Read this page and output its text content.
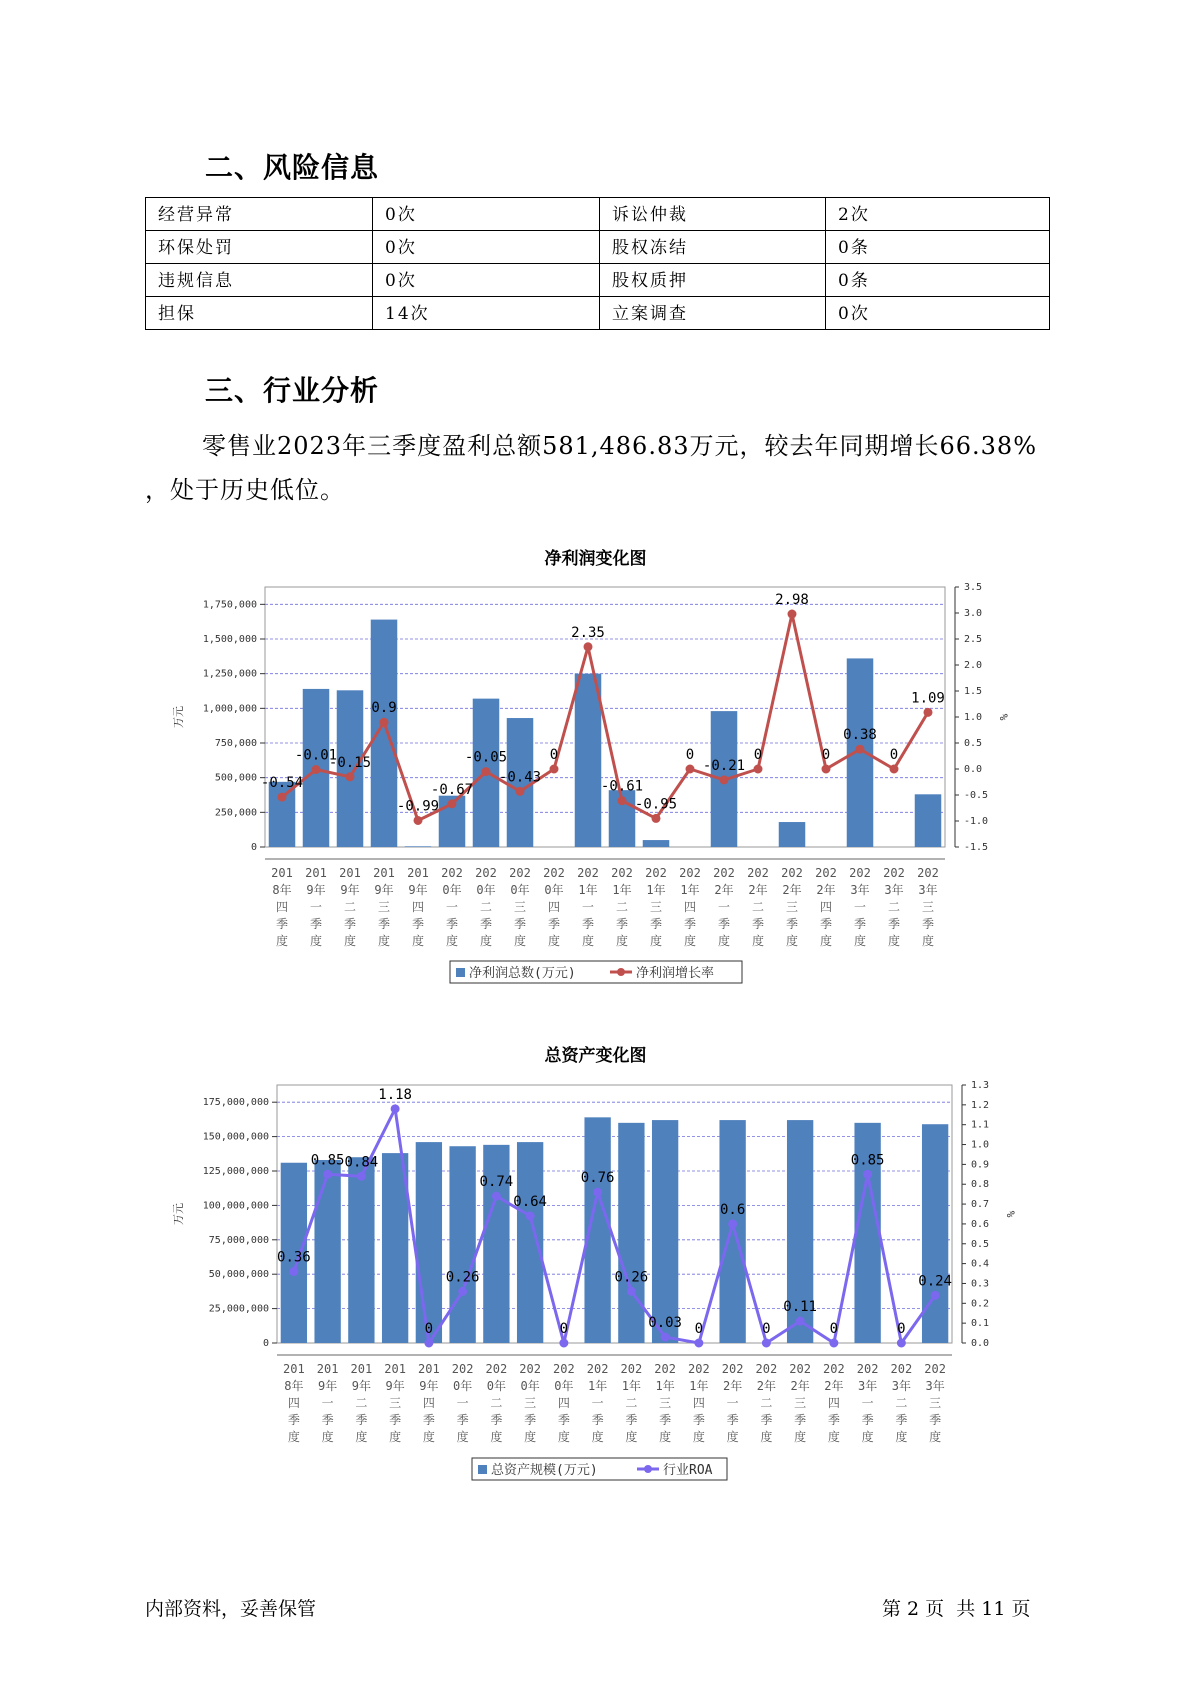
二、风险信息
经营异常	0次	诉讼仲裁	2次
环保处罚	0次	股权冻结	0条
违规信息	0次	股权质押	0条
担保	14次	立案调查	0次
三、行业分析
零售业2023年三季度盈利总额581,486.83万元，较去年同期增长66.38%
，处于历史低位。
净利润变化图
0
250,000
500,000
750,000
1,000,000
1,250,000
1,500,000
1,750,000
-1.5
-1.0
-0.5
0.0
0.5
1.0
1.5
2.0
2.5
3.0
3.5
万元	%
201
8年
四
季
度
201
9年
一
季
度
201
9年
二
季
度
201
9年
三
季
度
201
9年
四
季
度
202
0年
一
季
度
202
0年
二
季
度
202
0年
三
季
度
202
0年
四
季
度
202
1年
一
季
度
202
1年
二
季
度
202
1年
三
季
度
202
1年
四
季
度
202
2年
一
季
度
202
2年
二
季
度
202
2年
三
季
度
202
2年
四
季
度
202
3年
一
季
度
202
3年
二
季
度
202
3年
三
季
度
-0.54
-0.01
-0.15
0.9
-0.99
-0.67
-0.05
-0.43
0
2.35
-0.61
-0.95
0
-0.21
0
2.98
0
0.38
0
1.09
净利润总数(万元)	净利润增长率
总资产变化图
0
25,000,000
50,000,000
75,000,000
100,000,000
125,000,000
150,000,000
175,000,000
0.0
0.1
0.2
0.3
0.4
0.5
0.6
0.7
0.8
0.9
1.0
1.1
1.2
1.3
万元	%
201
8年
四
季
度
201
9年
一
季
度
201
9年
二
季
度
201
9年
三
季
度
201
9年
四
季
度
202
0年
一
季
度
202
0年
二
季
度
202
0年
三
季
度
202
0年
四
季
度
202
1年
一
季
度
202
1年
二
季
度
202
1年
三
季
度
202
1年
四
季
度
202
2年
一
季
度
202
2年
二
季
度
202
2年
三
季
度
202
2年
四
季
度
202
3年
一
季
度
202
3年
二
季
度
202
3年
三
季
度
0.36
0.85 0.84
1.18
0
0.26
0.74
0.64
0
0.76
0.26
0.03 0
0.6
0
0.11
0
0.85
0
0.24
总资产规模(万元)	行业ROA
内部资料，妥善保管	第 2 页  共 11 页
